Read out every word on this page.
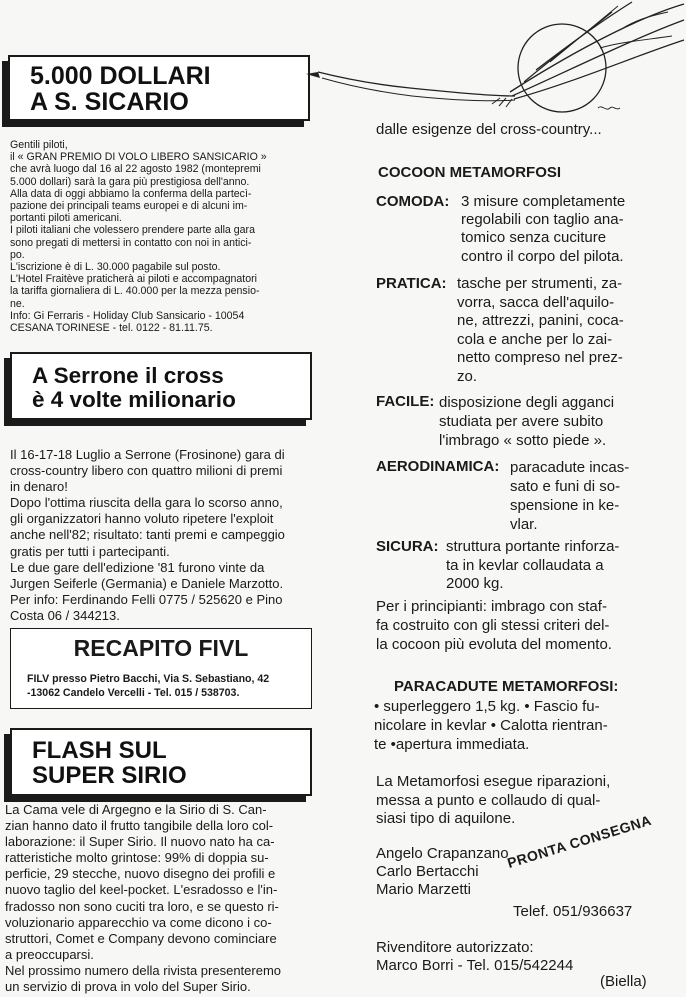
5.000 DOLLARI
A S. SICARIO
Gentili piloti,
il « GRAN PREMIO DI VOLO LIBERO SANSICARIO »
che avrà luogo dal 16 al 22 agosto 1982 (montepremi
5.000 dollari) sarà la gara più prestigiosa dell'anno.
Alla data di oggi abbiamo la conferma della partecì-
pazione dei principali teams europei e di alcuni im-
portanti piloti americani.
I piloti italiani che volessero prendere parte alla gara
sono pregati di mettersi in contatto con noi in antici-
po.
L'iscrizione è di L. 30.000 pagabile sul posto.
L'Hotel Fraitève praticherà ai piloti e accompagnatori
la tariffa giornaliera di L. 40.000 per la mezza pensio-
ne.
Info: Gi Ferraris - Holiday Club Sansicario - 10054
CESANA TORINESE - tel. 0122 - 81.11.75.
A Serrone il cross
è 4 volte milionario
Il 16-17-18 Luglio a Serrone (Frosinone) gara di
cross-country libero con quattro milioni di premi
in denaro!
Dopo l'ottima riuscita della gara lo scorso anno,
gli organizzatori hanno voluto ripetere l'exploit
anche nell'82; risultato: tanti premi e campeggio
gratis per tutti i partecipanti.
Le due gare dell'edizione '81 furono vinte da
Jurgen Seiferle (Germania) e Daniele Marzotto.
Per info: Ferdinando Felli 0775 / 525620 e Pino
Costa 06 / 344213.
RECAPITO FIVL
FILV presso Pietro Bacchi, Via S. Sebastiano, 42
-13062 Candelo Vercelli - Tel. 015 / 538703.
FLASH SUL
SUPER SIRIO
La Cama vele di Argegno e la Sirio di S. Can-
zian hanno dato il frutto tangibile della loro col-
laborazione: il Super Sirio. Il nuovo nato ha ca-
ratteristiche molto grintose: 99% di doppia su-
perficie, 29 stecche, nuovo disegno dei profili e
nuovo taglio del keel-pocket. L'esradosso e l'in-
fradosso non sono cuciti tra loro, e se questo ri-
voluzionario apparecchio va come dicono i co-
struttori, Comet e Company devono cominciare
a preoccuparsi.
Nel prossimo numero della rivista presenteremo
un servizio di prova in volo del Super Sirio.
dalle esigenze del cross-country...
COCOON METAMORFOSI
COMODA: 3 misure completamente
regolabili con taglio ana-
tomico senza cuciture
contro il corpo del pilota.
PRATICA: tasche per strumenti, za-
vorra, sacca dell'aquilo-
ne, attrezzi, panini, coca-
cola e anche per lo zai-
netto compreso nel prez-
zo.
FACILE: disposizione degli agganci
studiata per avere subito
l'imbrago « sotto piede ».
AERODINAMICA: paracadute incas-
sato e funi di so-
spensione in ke-
vlar.
SICURA: struttura portante rinforza-
ta in kevlar collaudata a
2000 kg.
Per i principianti: imbrago con staf-
fa costruito con gli stessi criteri del-
la cocoon più evoluta del momento.
PARACADUTE METAMORFOSI:
• superleggero 1,5 kg. • Fascio fu-
nicolare in kevlar • Calotta rientran-
te •apertura immediata.
La Metamorfosi esegue riparazioni,
messa a punto e collaudo di qual-
siasi tipo di aquilone.
Angelo Crapanzano
Carlo Bertacchi
Mario Marzetti
PRONTA CONSEGNA
Telef. 051/936637
Rivenditore autorizzato:
Marco Borri - Tel. 015/542244
(Biella)
